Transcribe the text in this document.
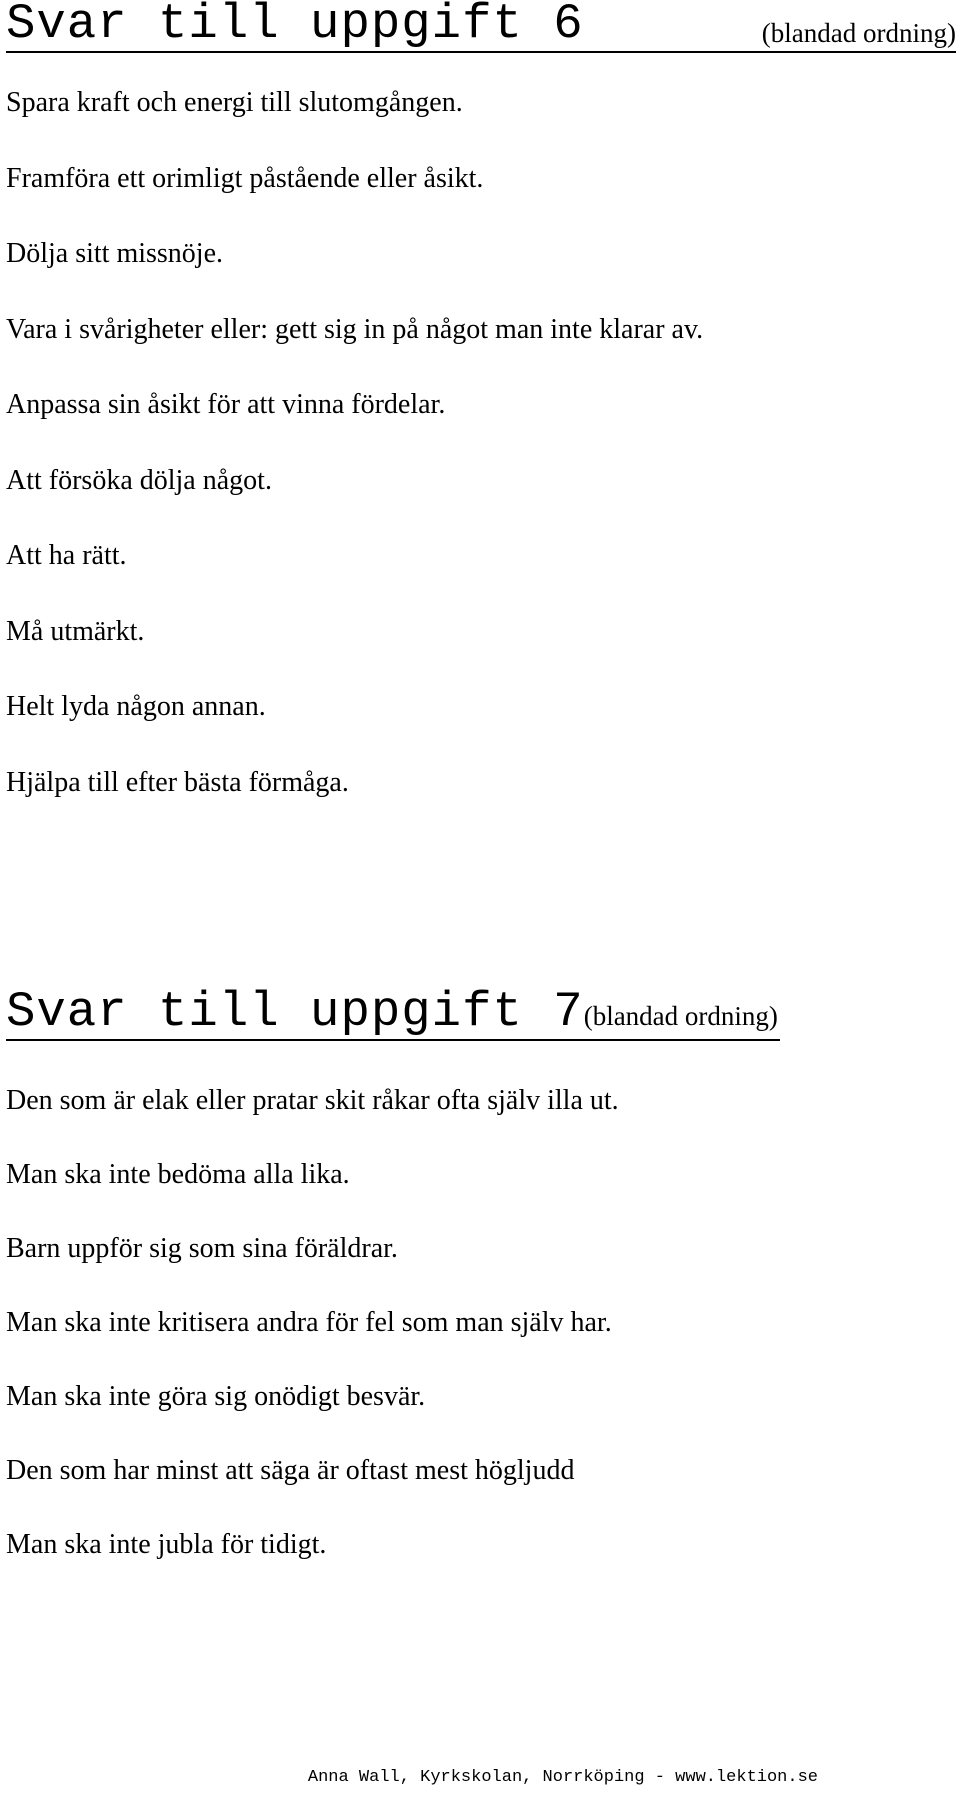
Svar till uppgift 6	(blandad ordning)
Spara kraft och energi till slutomgången.
Framföra ett orimligt påstående eller åsikt.
Dölja sitt missnöje.
Vara i svårigheter eller: gett sig in på något man inte klarar av.
Anpassa sin åsikt för att vinna fördelar.
Att försöka dölja något.
Att ha rätt.
Må utmärkt.
Helt lyda någon annan.
Hjälpa till efter bästa förmåga.
Svar till uppgift 7(blandad ordning)
Den som är elak eller pratar skit råkar ofta själv illa ut.
Man ska inte bedöma alla lika.
Barn uppför sig som sina föräldrar.
Man ska inte kritisera andra för fel som man själv har.
Man ska inte göra sig onödigt besvär.
Den som har minst att säga är oftast mest högljudd
Man ska inte jubla för tidigt.
Anna Wall, Kyrkskolan, Norrköping - www.lektion.se
